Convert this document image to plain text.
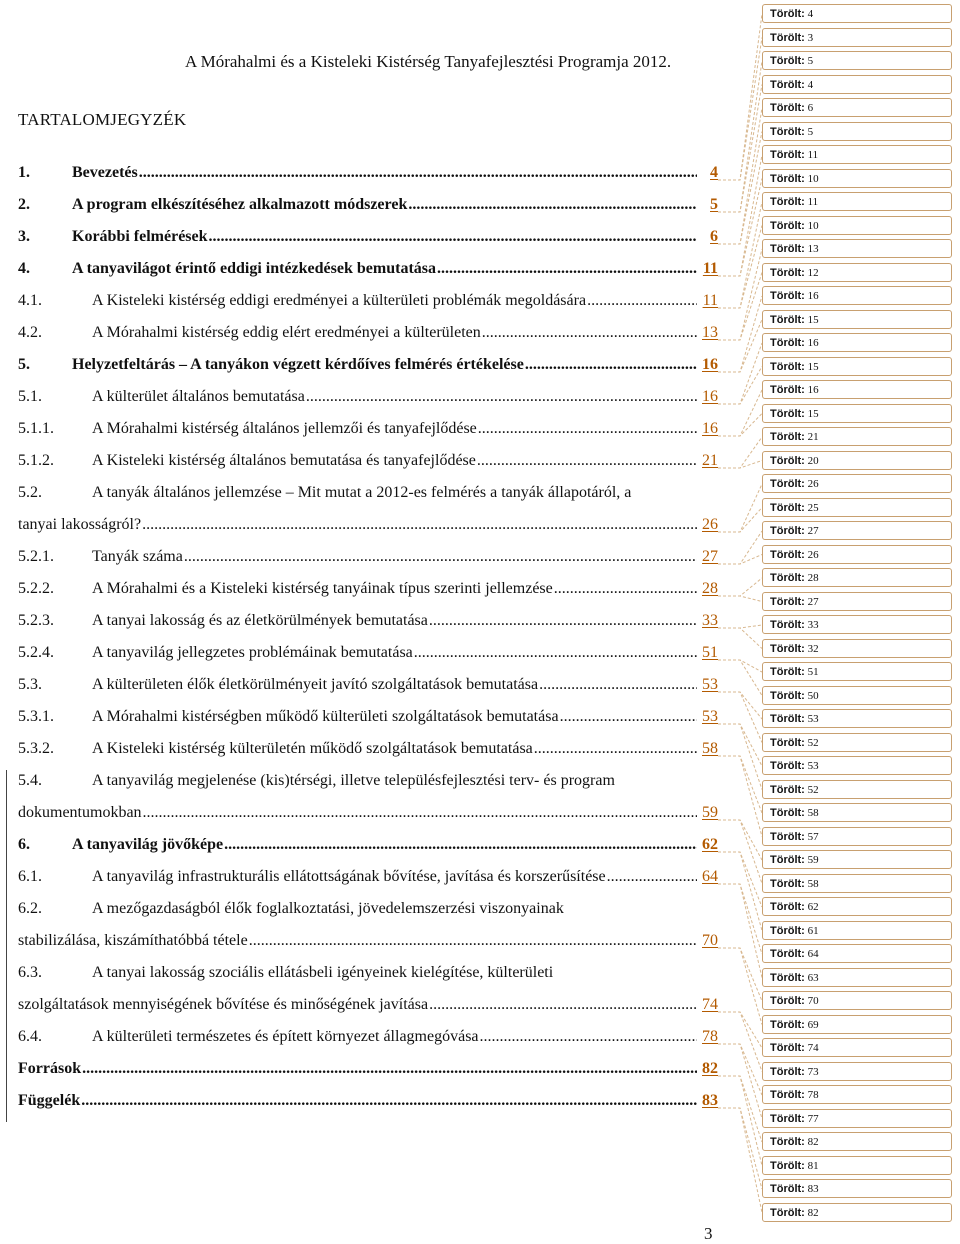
A Mórahalmi és a Kisteleki Kistérség Tanyafejlesztési Programja 2012.
TARTALOMJEGYZÉK
1.	Bevezetés .....	4
2.	A program elkészítéséhez alkalmazott módszerek .....	5
3.	Korábbi felmérések .....	6
4.	A tanyavilágot érintő eddigi intézkedések bemutatása .....	11
4.1.	A Kisteleki kistérség eddigi eredményei a külterületi problémák megoldására .....	11
4.2.	A Mórahalmi kistérség eddig elért eredményei a külterületen .....	13
5.	Helyzetfeltárás – A tanyákon végzett kérdőíves felmérés értékelése .....	16
5.1.	A külterület általános bemutatása .....	16
5.1.1.	A Mórahalmi kistérség általános jellemzői és tanyafejlődése .....	16
5.1.2.	A Kisteleki kistérség általános bemutatása és tanyafejlődése .....	21
5.2.	A tanyák általános jellemzése – Mit mutat a 2012-es felmérés a tanyák állapotáról, a
tanyai lakosságról? .....	26
5.2.1.	Tanyák száma .....	27
5.2.2.	A Mórahalmi és a Kisteleki kistérség tanyáinak típus szerinti jellemzése .....	28
5.2.3.	A tanyai lakosság és az életkörülmények bemutatása .....	33
5.2.4.	A tanyavilág jellegzetes problémáinak bemutatása .....	51
5.3.	A külterületen élők életkörülményeit javító szolgáltatások bemutatása .....	53
5.3.1.	A Mórahalmi kistérségben működő külterületi szolgáltatások bemutatása .....	53
5.3.2.	A Kisteleki kistérség külterületén működő szolgáltatások bemutatása .....	58
5.4.	A tanyavilág megjelenése (kis)térségi, illetve településfejlesztési terv- és program
dokumentumokban .....	59
6.	A tanyavilág jövőképe .....	62
6.1.	A tanyavilág infrastrukturális ellátottságának bővítése, javítása és korszerűsítése .....	64
6.2.	A mezőgazdaságból élők foglalkoztatási, jövedelemszerzési viszonyainak
stabilizálása, kiszámíthatóbbá tétele .....	70
6.3.	A tanyai lakosság szociális ellátásbeli igényeinek kielégítése, külterületi
szolgáltatások mennyiségének bővítése és minőségének javítása .....	74
6.4.	A külterületi természetes és épített környezet állagmegóvása .....	78
Források .....	82
Függelék .....	83
Törölt: 4
Törölt: 3
Törölt: 5
Törölt: 4
Törölt: 6
Törölt: 5
Törölt: 11
Törölt: 10
Törölt: 11
Törölt: 10
Törölt: 13
Törölt: 12
Törölt: 16
Törölt: 15
Törölt: 16
Törölt: 15
Törölt: 16
Törölt: 15
Törölt: 21
Törölt: 20
Törölt: 26
Törölt: 25
Törölt: 27
Törölt: 26
Törölt: 28
Törölt: 27
Törölt: 33
Törölt: 32
Törölt: 51
Törölt: 50
Törölt: 53
Törölt: 52
Törölt: 53
Törölt: 52
Törölt: 58
Törölt: 57
Törölt: 59
Törölt: 58
Törölt: 62
Törölt: 61
Törölt: 64
Törölt: 63
Törölt: 70
Törölt: 69
Törölt: 74
Törölt: 73
Törölt: 78
Törölt: 77
Törölt: 82
Törölt: 81
Törölt: 83
Törölt: 82
3
